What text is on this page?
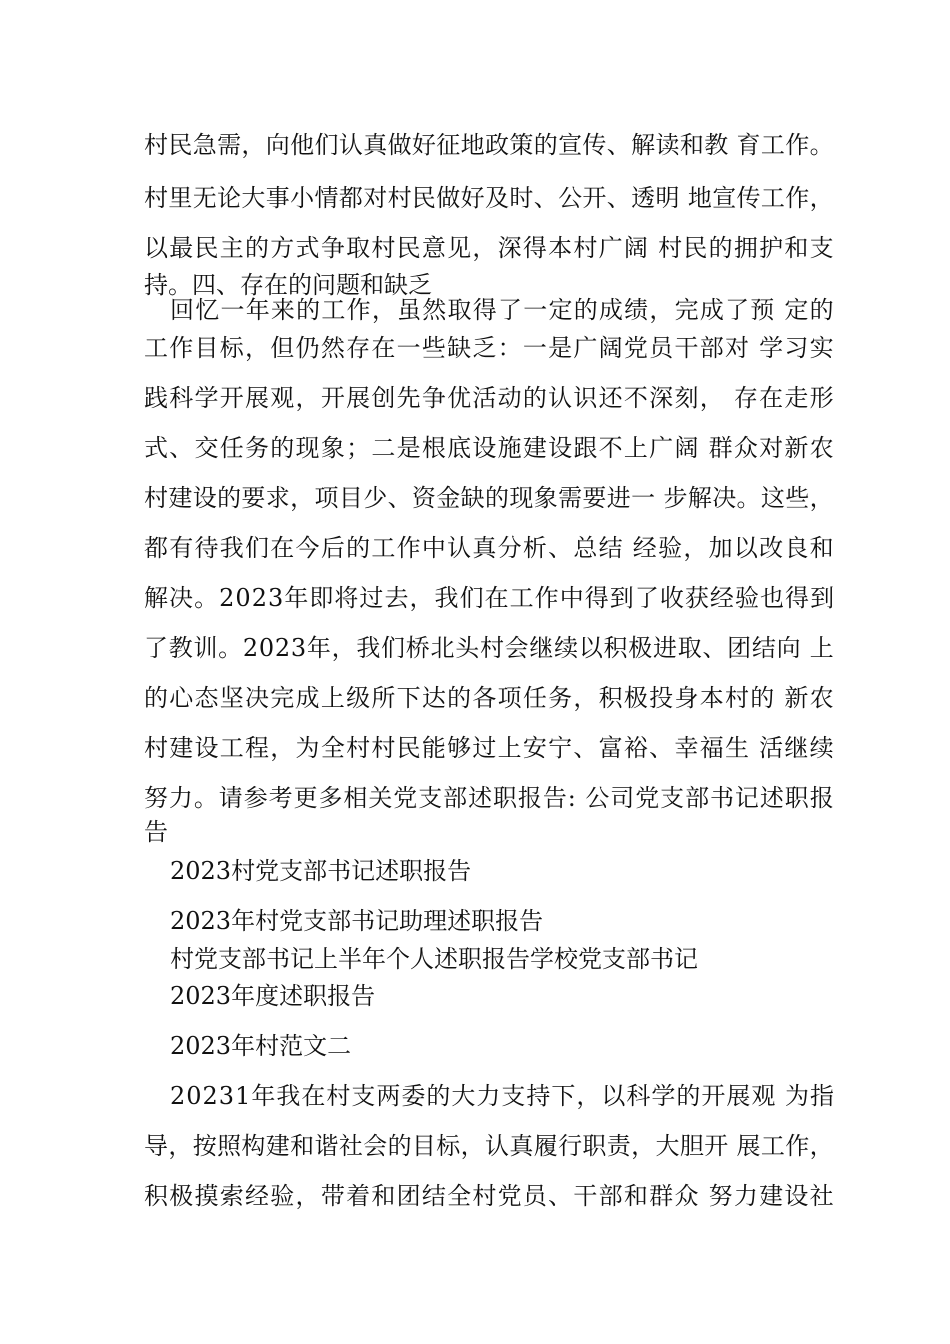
村民急需，向他们认真做好征地政策的宣传、解读和教 育工作。
村里无论大事小情都对村民做好及时、公开、透明 地宣传工作，
以最民主的方式争取村民意见，深得本村广阔 村民的拥护和支
持。四、存在的问题和缺乏
回忆一年来的工作，虽然取得了一定的成绩，完成了预 定的
工作目标，但仍然存在一些缺乏：一是广阔党员干部对 学习实
践科学开展观，开展创先争优活动的认识还不深刻， 存在走形
式、交任务的现象；二是根底设施建设跟不上广阔 群众对新农
村建设的要求，项目少、资金缺的现象需要进一 步解决。这些，
都有待我们在今后的工作中认真分析、总结 经验，加以改良和
解决。2023年即将过去，我们在工作中得到了收获经验也得到
了教训。2023年，我们桥北头村会继续以积极进取、团结向 上
的心态坚决完成上级所下达的各项任务，积极投身本村的 新农
村建设工程，为全村村民能够过上安宁、富裕、幸福生 活继续
努力。请参考更多相关党支部述职报告: 公司党支部书记述职报
告
2023村党支部书记述职报告
2023年村党支部书记助理述职报告
村党支部书记上半年个人述职报告学校党支部书记
2023年度述职报告
2023年村范文二
20231年我在村支两委的大力支持下，以科学的开展观 为指
导，按照构建和谐社会的目标，认真履行职责，大胆开 展工作，
积极摸索经验，带着和团结全村党员、干部和群众 努力建设社
